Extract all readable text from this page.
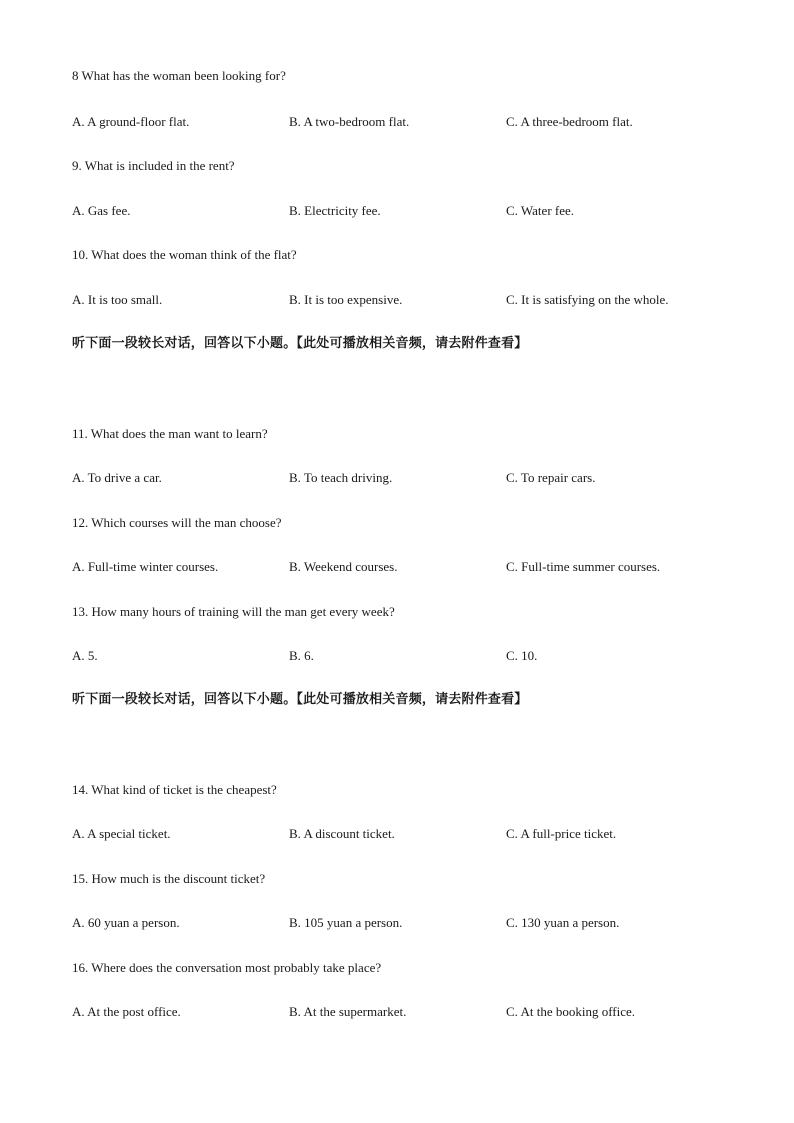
8 What has the woman been looking for?
A. A ground-floor flat.	B. A two-bedroom flat.	C. A three-bedroom flat.
9. What is included in the rent?
A. Gas fee.	B. Electricity fee.	C. Water fee.
10. What does the woman think of the flat?
A. It is too small.	B. It is too expensive.	C. It is satisfying on the whole.
听下面一段较长对话，回答以下小题。【此处可播放相关音频，请去附件查看】
11. What does the man want to learn?
A. To drive a car.	B. To teach driving.	C. To repair cars.
12. Which courses will the man choose?
A. Full-time winter courses.	B. Weekend courses.	C. Full-time summer courses.
13. How many hours of training will the man get every week?
A. 5.	B. 6.	C. 10.
听下面一段较长对话，回答以下小题。【此处可播放相关音频，请去附件查看】
14. What kind of ticket is the cheapest?
A. A special ticket.	B. A discount ticket.	C. A full-price ticket.
15. How much is the discount ticket?
A. 60 yuan a person.	B. 105 yuan a person.	C. 130 yuan a person.
16. Where does the conversation most probably take place?
A. At the post office.	B. At the supermarket.	C. At the booking office.
